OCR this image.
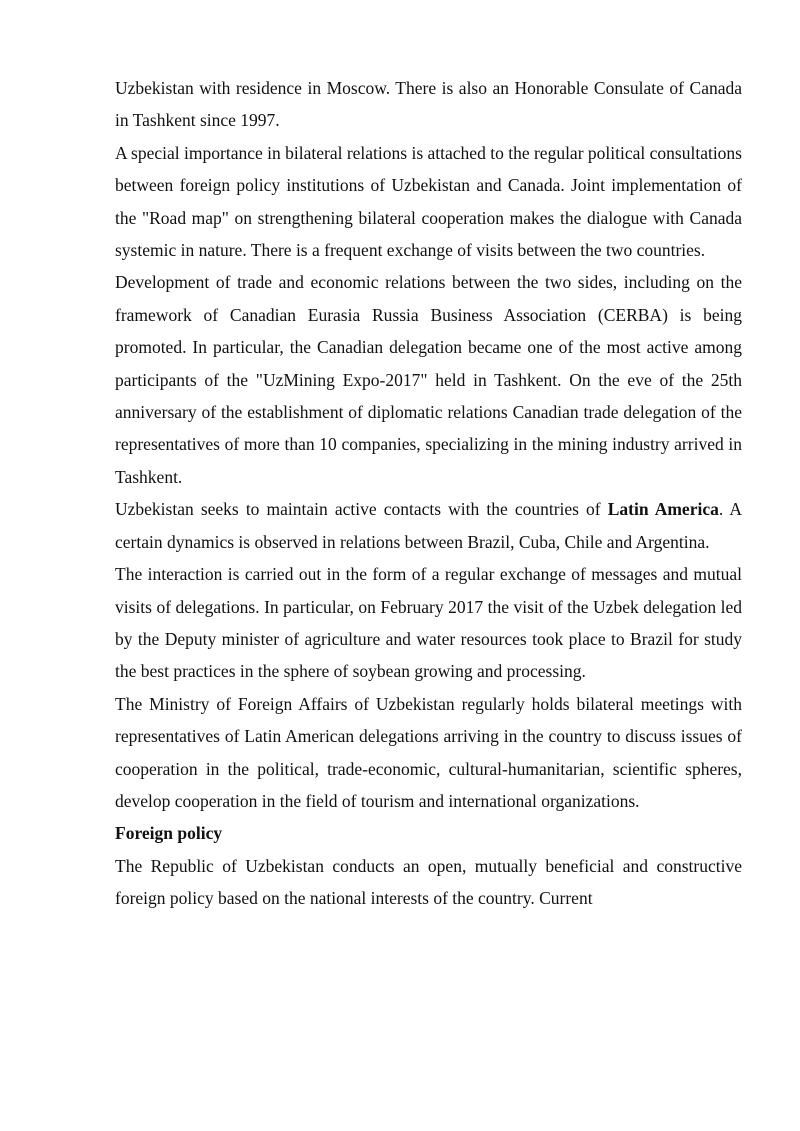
Uzbekistan with residence in Moscow. There is also an Honorable Consulate of Canada in Tashkent since 1997.

A special importance in bilateral relations is attached to the regular political consultations between foreign policy institutions of Uzbekistan and Canada. Joint implementation of the "Road map" on strengthening bilateral cooperation makes the dialogue with Canada systemic in nature. There is a frequent exchange of visits between the two countries.

Development of trade and economic relations between the two sides, including on the framework of Canadian Eurasia Russia Business Association (CERBA) is being promoted. In particular, the Canadian delegation became one of the most active among participants of the "UzMining Expo-2017" held in Tashkent. On the eve of the 25th anniversary of the establishment of diplomatic relations Canadian trade delegation of the representatives of more than 10 companies, specializing in the mining industry arrived in Tashkent.

Uzbekistan seeks to maintain active contacts with the countries of Latin America. A certain dynamics is observed in relations between Brazil, Cuba, Chile and Argentina.

The interaction is carried out in the form of a regular exchange of messages and mutual visits of delegations. In particular, on February 2017 the visit of the Uzbek delegation led by the Deputy minister of agriculture and water resources took place to Brazil for study the best practices in the sphere of soybean growing and processing.

The Ministry of Foreign Affairs of Uzbekistan regularly holds bilateral meetings with representatives of Latin American delegations arriving in the country to discuss issues of cooperation in the political, trade-economic, cultural-humanitarian, scientific spheres, develop cooperation in the field of tourism and international organizations.

Foreign policy

The Republic of Uzbekistan conducts an open, mutually beneficial and constructive foreign policy based on the national interests of the country. Current
